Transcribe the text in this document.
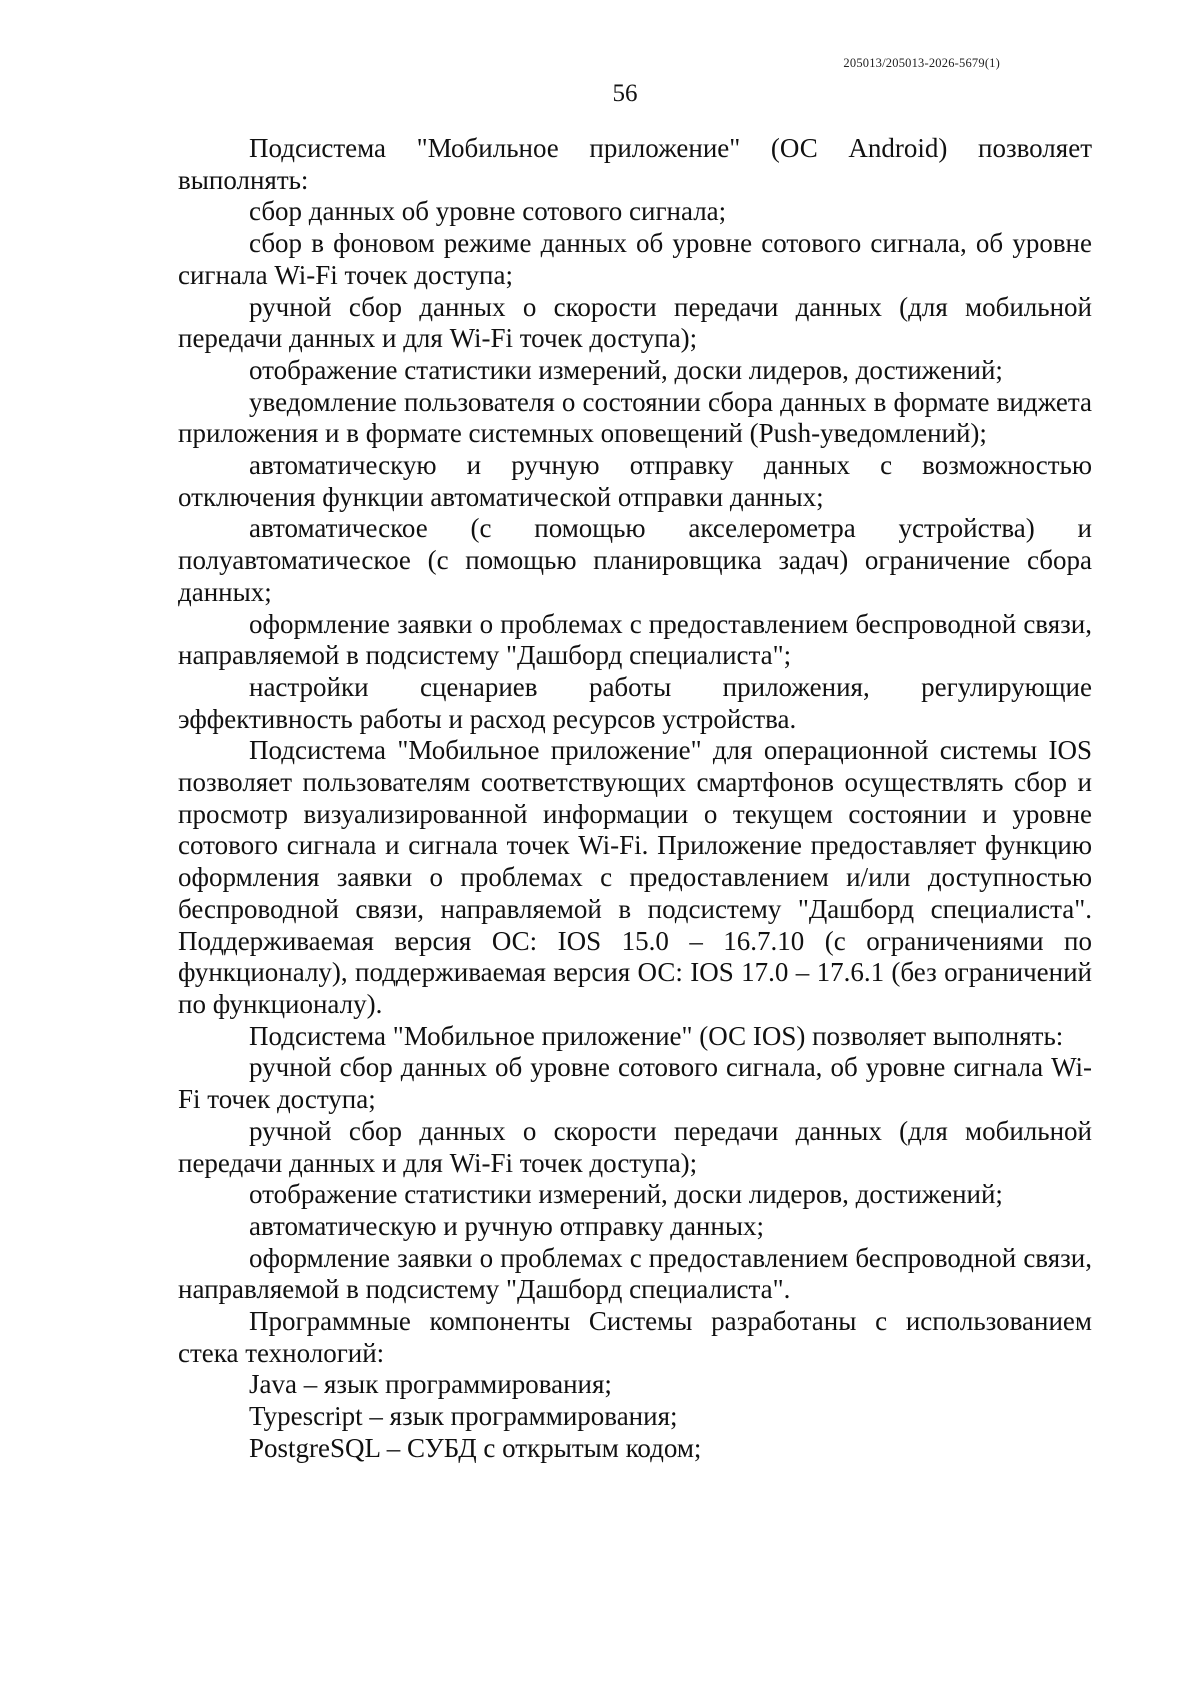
205013/205013-2026-5679(1)
56

Подсистема "Мобильное приложение" (ОС Android) позволяет выполнять:

сбор данных об уровне сотового сигнала;

сбор в фоновом режиме данных об уровне сотового сигнала, об уровне сигнала Wi-Fi точек доступа;

ручной сбор данных о скорости передачи данных (для мобильной передачи данных и для Wi-Fi точек доступа);

отображение статистики измерений, доски лидеров, достижений;

уведомление пользователя о состоянии сбора данных в формате виджета приложения и в формате системных оповещений (Push-уведомлений);

автоматическую и ручную отправку данных с возможностью отключения функции автоматической отправки данных;

автоматическое (с помощью акселерометра устройства) и полуавтоматическое (с помощью планировщика задач) ограничение сбора данных;

оформление заявки о проблемах с предоставлением беспроводной связи, направляемой в подсистему "Дашборд специалиста";

настройки сценариев работы приложения, регулирующие эффективность работы и расход ресурсов устройства.

Подсистема "Мобильное приложение" для операционной системы IOS позволяет пользователям соответствующих смартфонов осуществлять сбор и просмотр визуализированной информации о текущем состоянии и уровне сотового сигнала и сигнала точек Wi-Fi. Приложение предоставляет функцию оформления заявки о проблемах с предоставлением и/или доступностью беспроводной связи, направляемой в подсистему "Дашборд специалиста". Поддерживаемая версия ОС: IOS 15.0 – 16.7.10 (с ограничениями по функционалу), поддерживаемая версия ОС: IOS 17.0 – 17.6.1 (без ограничений по функционалу).

Подсистема "Мобильное приложение" (ОС IOS) позволяет выполнять:

ручной сбор данных об уровне сотового сигнала, об уровне сигнала Wi-Fi точек доступа;

ручной сбор данных о скорости передачи данных (для мобильной передачи данных и для Wi-Fi точек доступа);

отображение статистики измерений, доски лидеров, достижений;

автоматическую и ручную отправку данных;

оформление заявки о проблемах с предоставлением беспроводной связи, направляемой в подсистему "Дашборд специалиста".

Программные компоненты Системы разработаны с использованием стека технологий:

Java – язык программирования;

Typescript – язык программирования;

PostgreSQL – СУБД с открытым кодом;
